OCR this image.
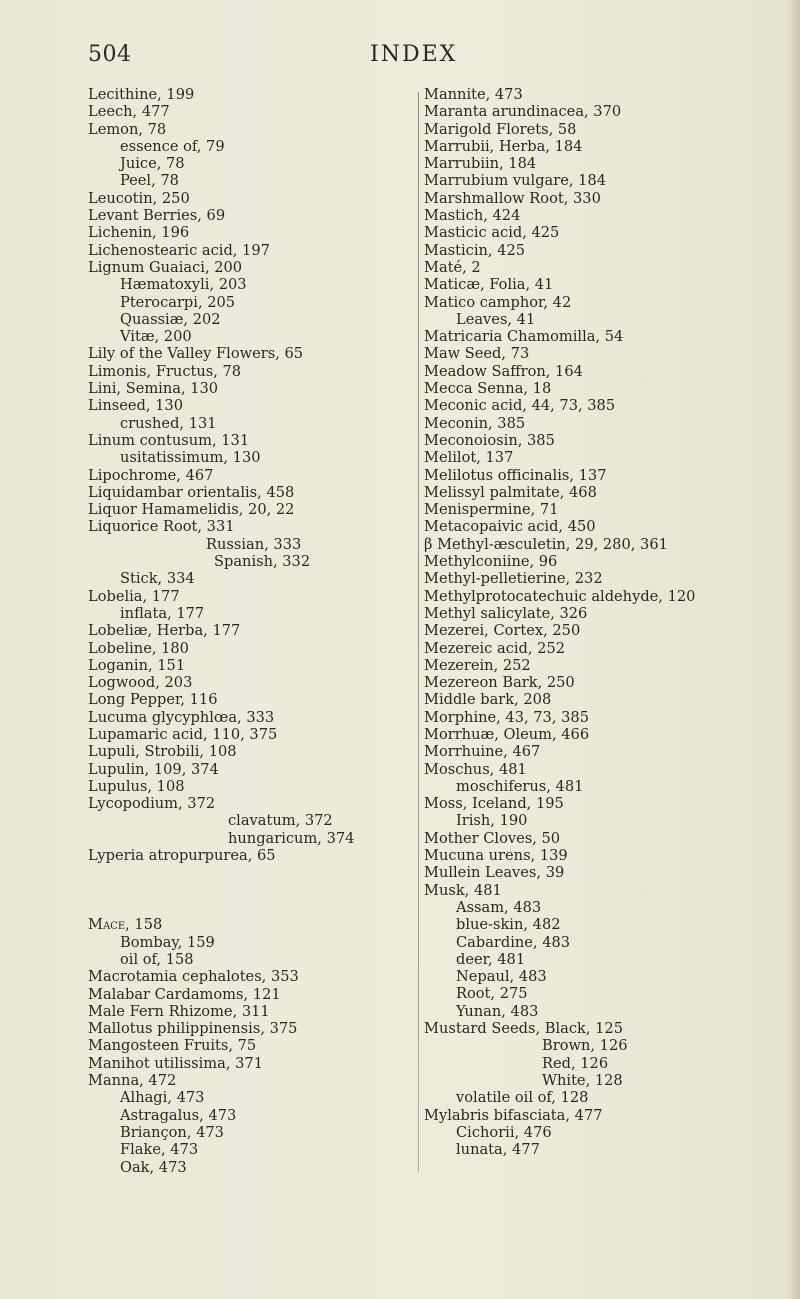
504	INDEX
Lecithine, 199
Leech, 477
Lemon, 78
essence of, 79
Juice, 78
Peel, 78
Leucotin, 250
Levant Berries, 69
Lichenin, 196
Lichenostearic acid, 197
Lignum Guaiaci, 200
Hæmatoxyli, 203
Pterocarpi, 205
Quassiæ, 202
Vitæ, 200
Lily of the Valley Flowers, 65
Limonis, Fructus, 78
Lini, Semina, 130
Linseed, 130
crushed, 131
Linum contusum, 131
usitatissimum, 130
Lipochrome, 467
Liquidambar orientalis, 458
Liquor Hamamelidis, 20, 22
Liquorice Root, 331
Russian, 333
Spanish, 332
Stick, 334
Lobelia, 177
inflata, 177
Lobeliæ, Herba, 177
Lobeline, 180
Loganin, 151
Logwood, 203
Long Pepper, 116
Lucuma glycyphlœa, 333
Lupamaric acid, 110, 375
Lupuli, Strobili, 108
Lupulin, 109, 374
Lupulus, 108
Lycopodium, 372
clavatum, 372
hungaricum, 374
Lyperia atropurpurea, 65
Mace, 158
Bombay, 159
oil of, 158
Macrotamia cephalotes, 353
Malabar Cardamoms, 121
Male Fern Rhizome, 311
Mallotus philippinensis, 375
Mangosteen Fruits, 75
Manihot utilissima, 371
Manna, 472
Alhagi, 473
Astragalus, 473
Briançon, 473
Flake, 473
Oak, 473
Mannite, 473
Maranta arundinacea, 370
Marigold Florets, 58
Marrubii, Herba, 184
Marrubiin, 184
Marrubium vulgare, 184
Marshmallow Root, 330
Mastich, 424
Masticic acid, 425
Masticin, 425
Maté, 2
Maticæ, Folia, 41
Matico camphor, 42
Leaves, 41
Matricaria Chamomilla, 54
Maw Seed, 73
Meadow Saffron, 164
Mecca Senna, 18
Meconic acid, 44, 73, 385
Meconin, 385
Meconoiosin, 385
Melilot, 137
Melilotus officinalis, 137
Melissyl palmitate, 468
Menispermine, 71
Metacopaivic acid, 450
β Methyl-æsculetin, 29, 280, 361
Methylconiine, 96
Methyl-pelletierine, 232
Methylprotocatechuic aldehyde, 120
Methyl salicylate, 326
Mezerei, Cortex, 250
Mezereic acid, 252
Mezerein, 252
Mezereon Bark, 250
Middle bark, 208
Morphine, 43, 73, 385
Morrhuæ, Oleum, 466
Morrhuine, 467
Moschus, 481
moschiferus, 481
Moss, Iceland, 195
Irish, 190
Mother Cloves, 50
Mucuna urens, 139
Mullein Leaves, 39
Musk, 481
Assam, 483
blue-skin, 482
Cabardine, 483
deer, 481
Nepaul, 483
Root, 275
Yunan, 483
Mustard Seeds, Black, 125
Brown, 126
Red, 126
White, 128
volatile oil of, 128
Mylabris bifasciata, 477
Cichorii, 476
lunata, 477
